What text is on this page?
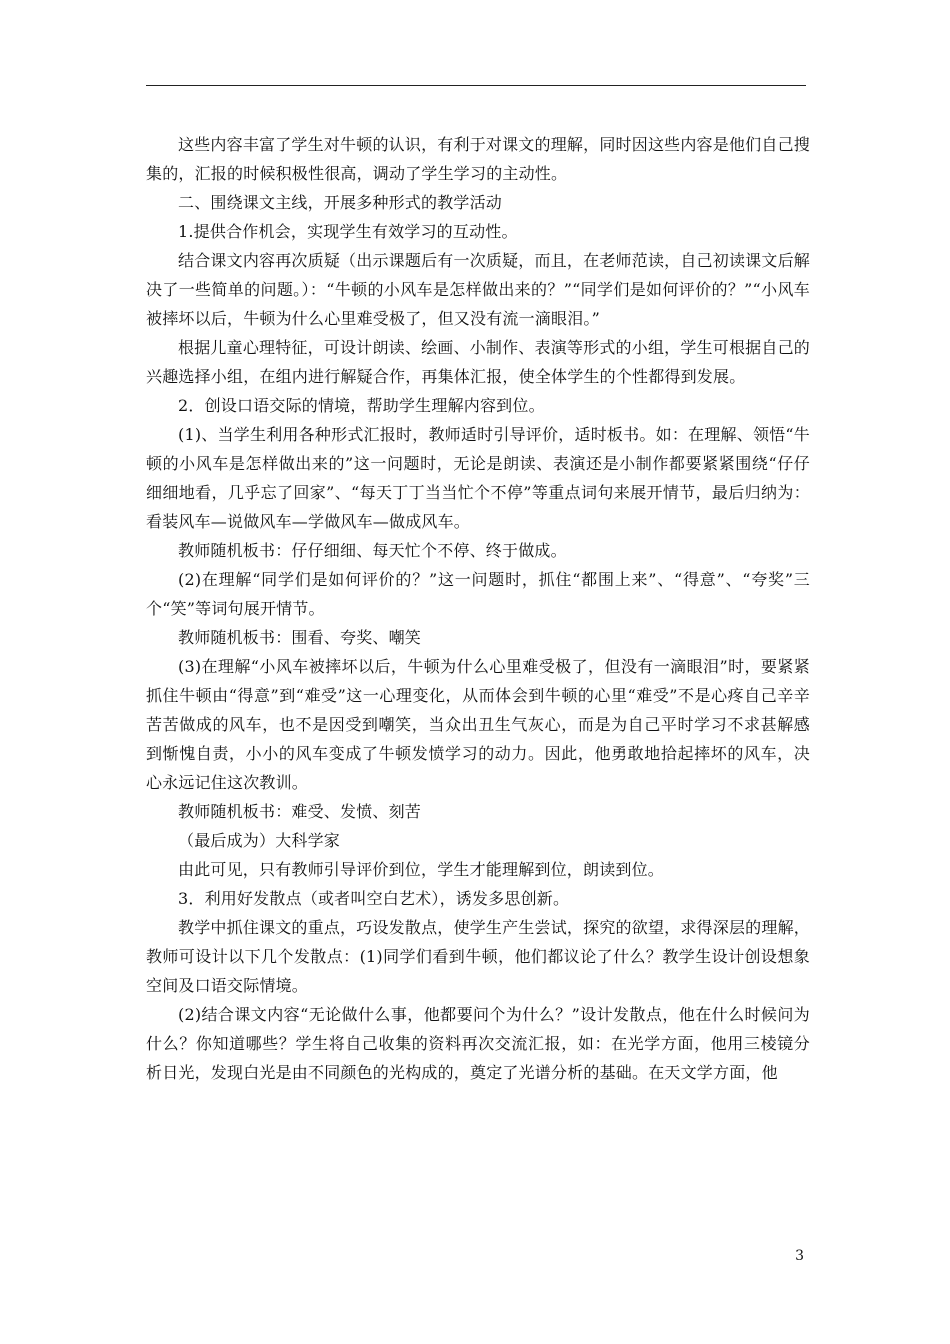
这些内容丰富了学生对牛顿的认识，有利于对课文的理解，同时因这些内容是他们自己搜集的，汇报的时候积极性很高，调动了学生学习的主动性。

二、围绕课文主线，开展多种形式的教学活动

1.提供合作机会，实现学生有效学习的互动性。

结合课文内容再次质疑（出示课题后有一次质疑，而且，在老师范读，自己初读课文后解决了一些简单的问题。）：“牛顿的小风车是怎样做出来的？”“同学们是如何评价的？”“小风车被摔坏以后，牛顿为什么心里难受极了，但又没有流一滴眼泪。”

根据儿童心理特征，可设计朗读、绘画、小制作、表演等形式的小组，学生可根据自己的兴趣选择小组，在组内进行解疑合作，再集体汇报，使全体学生的个性都得到发展。

2．创设口语交际的情境，帮助学生理解内容到位。

(1)、当学生利用各种形式汇报时，教师适时引导评价，适时板书。如：在理解、领悟“牛顿的小风车是怎样做出来的”这一问题时，无论是朗读、表演还是小制作都要紧紧围绕“仔仔细细地看，几乎忘了回家”、“每天丁丁当当忙个不停”等重点词句来展开情节，最后归纳为：看装风车—说做风车—学做风车—做成风车。

教师随机板书：仔仔细细、每天忙个不停、终于做成。

(2)在理解“同学们是如何评价的？”这一问题时，抓住“都围上来”、“得意”、“夸奖”三个“笑”等词句展开情节。

教师随机板书：围看、夸奖、嘲笑

(3)在理解“小风车被摔坏以后，牛顿为什么心里难受极了，但没有一滴眼泪”时，要紧紧抓住牛顿由“得意”到“难受”这一心理变化，从而体会到牛顿的心里“难受”不是心疼自己辛辛苦苦做成的风车，也不是因受到嘲笑，当众出丑生气灰心，而是为自己平时学习不求甚解感到惭愧自责，小小的风车变成了牛顿发愤学习的动力。因此，他勇敢地拾起摔坏的风车，决心永远记住这次教训。

教师随机板书：难受、发愤、刻苦

（最后成为）大科学家

由此可见，只有教师引导评价到位，学生才能理解到位，朗读到位。

3．利用好发散点（或者叫空白艺术），诱发多思创新。

教学中抓住课文的重点，巧设发散点，使学生产生尝试，探究的欲望，求得深层的理解，教师可设计以下几个发散点：(1)同学们看到牛顿，他们都议论了什么？教学生设计创设想象空间及口语交际情境。

(2)结合课文内容“无论做什么事，他都要问个为什么？”设计发散点，他在什么时候问为什么？你知道哪些？学生将自己收集的资料再次交流汇报，如：在光学方面，他用三棱镜分析日光，发现白光是由不同颜色的光构成的，奠定了光谱分析的基础。在天文学方面，他

3
